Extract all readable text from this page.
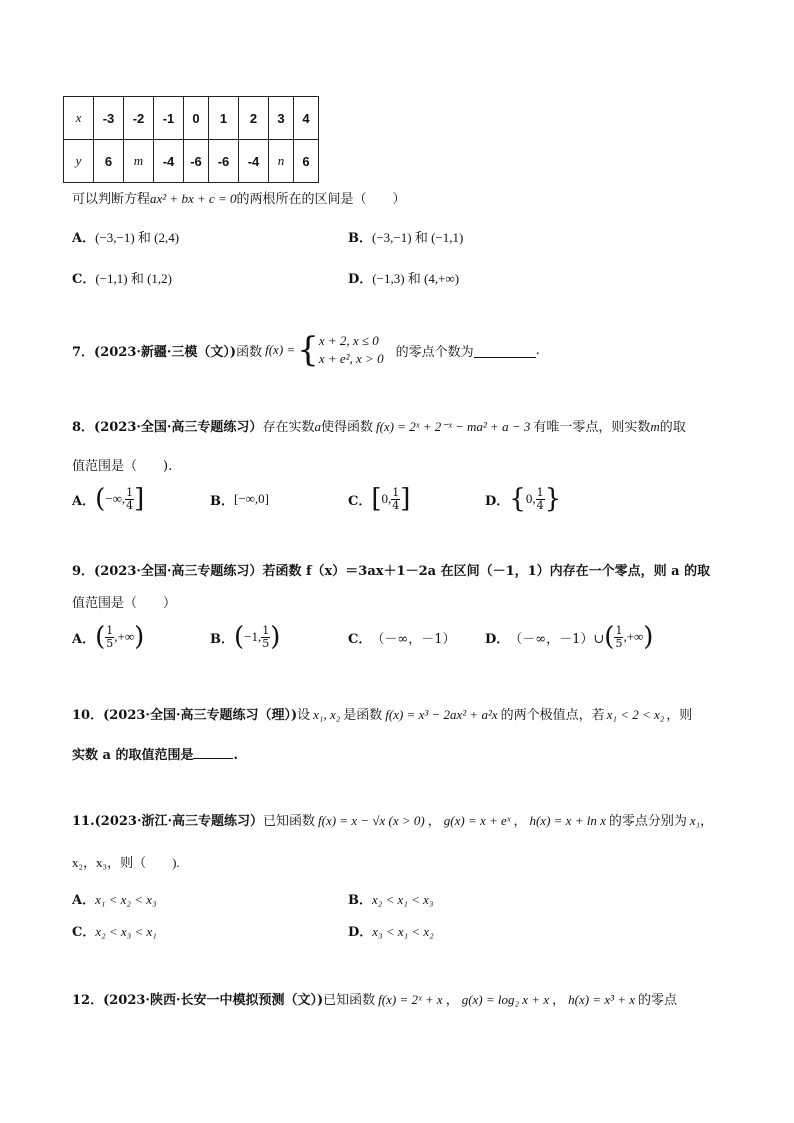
x	-3	-2	-1	0	1	2	3	4
y	6	m	-4	-6	-6	-4	n	6
可以判断方程ax² + bx + c = 0的两根所在的区间是（　　）
A．(−3,−1) 和 (2,4)	B．(−3,−1) 和 (−1,1)
C．(−1,1) 和 (1,2)	D．(−1,3) 和 (4,+∞)
7．(2023·新疆·三模（文）) 函数 f(x) = { x + 2, x ≤ 0
x + e², x > 0 的零点个数为	.
8．(2023·全国·高三专题练习）存在实数a使得函数 f(x) = 2ˣ + 2⁻ˣ − ma² + a − 3 有唯一零点，则实数m的取
值范围是（　　).
A． ( −∞, $\frac{1}{4}$ ]	B． [−∞,0]	C． [ 0, $\frac{1}{4}$ ]	D． { 0, $\frac{1}{4}$ }
9．(2023·全国·高三专题练习）若函数 f（x）＝3ax＋1－2a 在区间（－1，1）内存在一个零点，则 a 的取
值范围是（　　）
A． ( $\frac{1}{5}$ ,+∞ )	B． ( −1, $\frac{1}{5}$ )	C． （－∞，－1） D． （－∞，－1）∪ ( $\frac{1}{5}$ ,+∞ )
10．(2023·全国·高三专题练习（理）)设 x₁, x₂ 是函数 f(x) = x³ − 2ax² + a²x 的两个极值点，若 x₁ < 2 < x₂ ，则
实数 a 的取值范围是	.
11.(2023·浙江·高三专题练习）已知函数 f(x) = x − √x (x > 0) ， g(x) = x + eˣ ， h(x) = x + ln x 的零点分别为 x₁，
x₂，x₃，则（　　).
A．x₁ < x₂ < x₃	B．x₂ < x₁ < x₃
C．x₂ < x₃ < x₁	D．x₃ < x₁ < x₂
12．(2023·陕西·长安一中模拟预测（文）)已知函数 f(x) = 2ˣ + x ， g(x) = log₂ x + x ， h(x) = x³ + x 的零点
